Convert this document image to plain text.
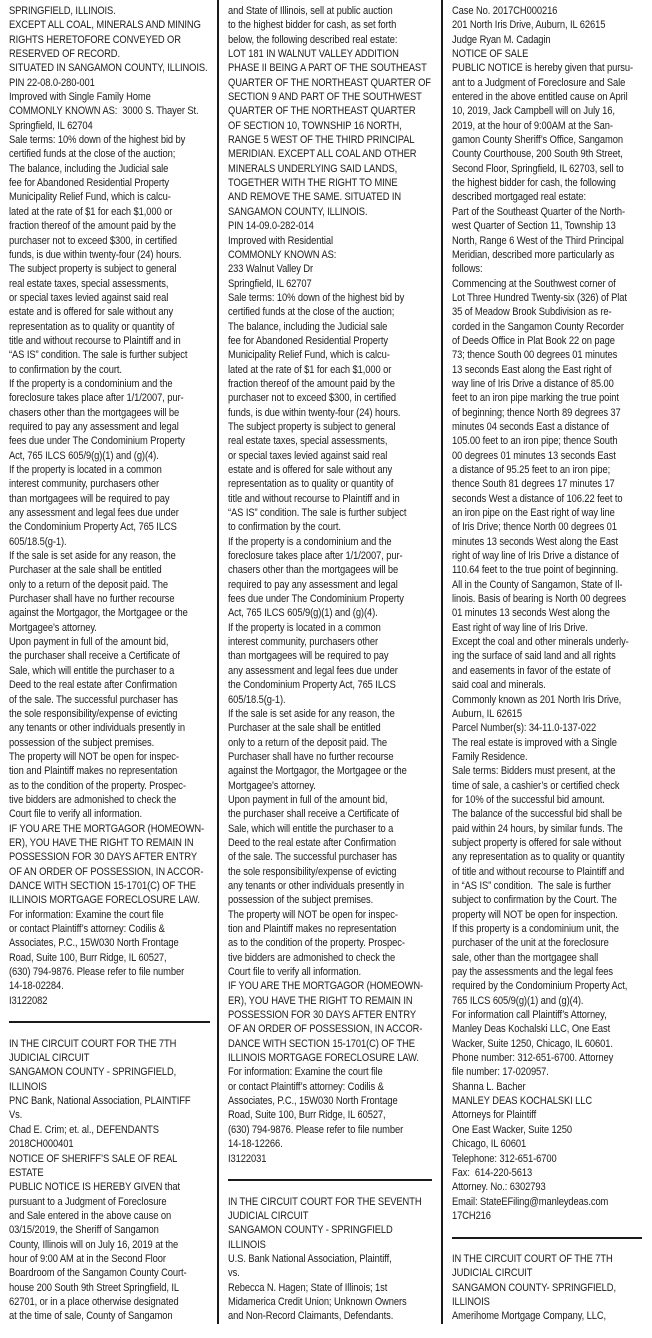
SPRINGFIELD, ILLINOIS.
EXCEPT ALL COAL, MINERALS AND MINING
RIGHTS HERETOFORE CONVEYED OR
RESERVED OF RECORD.
SITUATED IN SANGAMON COUNTY, ILLINOIS.
PIN 22-08.0-280-001
Improved with Single Family Home
COMMONLY KNOWN AS:  3000 S. Thayer St.
Springfield, IL 62704
Sale terms: 10% down of the highest bid by
certified funds at the close of the auction;
The balance, including the Judicial sale
fee for Abandoned Residential Property
Municipality Relief Fund, which is calcu-
lated at the rate of $1 for each $1,000 or
fraction thereof of the amount paid by the
purchaser not to exceed $300, in certified
funds, is due within twenty-four (24) hours.
The subject property is subject to general
real estate taxes, special assessments,
or special taxes levied against said real
estate and is offered for sale without any
representation as to quality or quantity of
title and without recourse to Plaintiff and in
“AS IS” condition. The sale is further subject
to confirmation by the court.
If the property is a condominium and the
foreclosure takes place after 1/1/2007, pur-
chasers other than the mortgagees will be
required to pay any assessment and legal
fees due under The Condominium Property
Act, 765 ILCS 605/9(g)(1) and (g)(4).
If the property is located in a common
interest community, purchasers other
than mortgagees will be required to pay
any assessment and legal fees due under
the Condominium Property Act, 765 ILCS
605/18.5(g-1).
If the sale is set aside for any reason, the
Purchaser at the sale shall be entitled
only to a return of the deposit paid. The
Purchaser shall have no further recourse
against the Mortgagor, the Mortgagee or the
Mortgagee’s attorney.
Upon payment in full of the amount bid,
the purchaser shall receive a Certificate of
Sale, which will entitle the purchaser to a
Deed to the real estate after Confirmation
of the sale. The successful purchaser has
the sole responsibility/expense of evicting
any tenants or other individuals presently in
possession of the subject premises.
The property will NOT be open for inspec-
tion and Plaintiff makes no representation
as to the condition of the property. Prospec-
tive bidders are admonished to check the
Court file to verify all information.
IF YOU ARE THE MORTGAGOR (HOMEOWN-
ER), YOU HAVE THE RIGHT TO REMAIN IN
POSSESSION FOR 30 DAYS AFTER ENTRY
OF AN ORDER OF POSSESSION, IN ACCOR-
DANCE WITH SECTION 15-1701(C) OF THE
ILLINOIS MORTGAGE FORECLOSURE LAW.
For information: Examine the court file
or contact Plaintiff’s attorney: Codilis &
Associates, P.C., 15W030 North Frontage
Road, Suite 100, Burr Ridge, IL 60527,
(630) 794-9876. Please refer to file number
14-18-02284.
I3122082
IN THE CIRCUIT COURT FOR THE 7TH
JUDICIAL CIRCUIT
SANGAMON COUNTY - SPRINGFIELD,
ILLINOIS
PNC Bank, National Association, PLAINTIFF
Vs.
Chad E. Crim; et. al., DEFENDANTS
2018CH000401
NOTICE OF SHERIFF’S SALE OF REAL
ESTATE
PUBLIC NOTICE IS HEREBY GIVEN that
pursuant to a Judgment of Foreclosure
and Sale entered in the above cause on
03/15/2019, the Sheriff of Sangamon
County, Illinois will on July 16, 2019 at the
hour of 9:00 AM at in the Second Floor
Boardroom of the Sangamon County Court-
house 200 South 9th Street Springfield, IL
62701, or in a place otherwise designated
at the time of sale, County of Sangamon
and State of Illinois, sell at public auction
to the highest bidder for cash, as set forth
below, the following described real estate:
LOT 181 IN WALNUT VALLEY ADDITION
PHASE II BEING A PART OF THE SOUTHEAST
QUARTER OF THE NORTHEAST QUARTER OF
SECTION 9 AND PART OF THE SOUTHWEST
QUARTER OF THE NORTHEAST QUARTER
OF SECTION 10, TOWNSHIP 16 NORTH,
RANGE 5 WEST OF THE THIRD PRINCIPAL
MERIDIAN. EXCEPT ALL COAL AND OTHER
MINERALS UNDERLYING SAID LANDS,
TOGETHER WITH THE RIGHT TO MINE
AND REMOVE THE SAME. SITUATED IN
SANGAMON COUNTY, ILLINOIS.
PIN 14-09.0-282-014
Improved with Residential
COMMONLY KNOWN AS:
233 Walnut Valley Dr
Springfield, IL 62707
Sale terms: 10% down of the highest bid by
certified funds at the close of the auction;
The balance, including the Judicial sale
fee for Abandoned Residential Property
Municipality Relief Fund, which is calcu-
lated at the rate of $1 for each $1,000 or
fraction thereof of the amount paid by the
purchaser not to exceed $300, in certified
funds, is due within twenty-four (24) hours.
The subject property is subject to general
real estate taxes, special assessments,
or special taxes levied against said real
estate and is offered for sale without any
representation as to quality or quantity of
title and without recourse to Plaintiff and in
“AS IS” condition. The sale is further subject
to confirmation by the court.
If the property is a condominium and the
foreclosure takes place after 1/1/2007, pur-
chasers other than the mortgagees will be
required to pay any assessment and legal
fees due under The Condominium Property
Act, 765 ILCS 605/9(g)(1) and (g)(4).
If the property is located in a common
interest community, purchasers other
than mortgagees will be required to pay
any assessment and legal fees due under
the Condominium Property Act, 765 ILCS
605/18.5(g-1).
If the sale is set aside for any reason, the
Purchaser at the sale shall be entitled
only to a return of the deposit paid. The
Purchaser shall have no further recourse
against the Mortgagor, the Mortgagee or the
Mortgagee’s attorney.
Upon payment in full of the amount bid,
the purchaser shall receive a Certificate of
Sale, which will entitle the purchaser to a
Deed to the real estate after Confirmation
of the sale. The successful purchaser has
the sole responsibility/expense of evicting
any tenants or other individuals presently in
possession of the subject premises.
The property will NOT be open for inspec-
tion and Plaintiff makes no representation
as to the condition of the property. Prospec-
tive bidders are admonished to check the
Court file to verify all information.
IF YOU ARE THE MORTGAGOR (HOMEOWN-
ER), YOU HAVE THE RIGHT TO REMAIN IN
POSSESSION FOR 30 DAYS AFTER ENTRY
OF AN ORDER OF POSSESSION, IN ACCOR-
DANCE WITH SECTION 15-1701(C) OF THE
ILLINOIS MORTGAGE FORECLOSURE LAW.
For information: Examine the court file
or contact Plaintiff’s attorney: Codilis &
Associates, P.C., 15W030 North Frontage
Road, Suite 100, Burr Ridge, IL 60527,
(630) 794-9876. Please refer to file number
14-18-12266.
I3122031
IN THE CIRCUIT COURT FOR THE SEVENTH
JUDICIAL CIRCUIT
SANGAMON COUNTY - SPRINGFIELD
ILLINOIS
U.S. Bank National Association, Plaintiff,
vs.
Rebecca N. Hagen; State of Illinois; 1st
Midamerica Credit Union; Unknown Owners
and Non-Record Claimants, Defendants.
Case No. 2017CH000216
201 North Iris Drive, Auburn, IL 62615
Judge Ryan M. Cadagin
NOTICE OF SALE
PUBLIC NOTICE is hereby given that pursu-
ant to a Judgment of Foreclosure and Sale
entered in the above entitled cause on April
10, 2019, Jack Campbell will on July 16,
2019, at the hour of 9:00AM at the San-
gamon County Sheriff’s Office, Sangamon
County Courthouse, 200 South 9th Street,
Second Floor, Springfield, IL 62703, sell to
the highest bidder for cash, the following
described mortgaged real estate:
Part of the Southeast Quarter of the North-
west Quarter of Section 11, Township 13
North, Range 6 West of the Third Principal
Meridian, described more particularly as
follows:
Commencing at the Southwest corner of
Lot Three Hundred Twenty-six (326) of Plat
35 of Meadow Brook Subdivision as re-
corded in the Sangamon County Recorder
of Deeds Office in Plat Book 22 on page
73; thence South 00 degrees 01 minutes
13 seconds East along the East right of
way line of Iris Drive a distance of 85.00
feet to an iron pipe marking the true point
of beginning; thence North 89 degrees 37
minutes 04 seconds East a distance of
105.00 feet to an iron pipe; thence South
00 degrees 01 minutes 13 seconds East
a distance of 95.25 feet to an iron pipe;
thence South 81 degrees 17 minutes 17
seconds West a distance of 106.22 feet to
an iron pipe on the East right of way line
of Iris Drive; thence North 00 degrees 01
minutes 13 seconds West along the East
right of way line of Iris Drive a distance of
110.64 feet to the true point of beginning.
All in the County of Sangamon, State of Il-
linois. Basis of bearing is North 00 degrees
01 minutes 13 seconds West along the
East right of way line of Iris Drive.
Except the coal and other minerals underly-
ing the surface of said land and all rights
and easements in favor of the estate of
said coal and minerals.
Commonly known as 201 North Iris Drive,
Auburn, IL 62615
Parcel Number(s): 34-11.0-137-022
The real estate is improved with a Single
Family Residence.
Sale terms: Bidders must present, at the
time of sale, a cashier’s or certified check
for 10% of the successful bid amount.
The balance of the successful bid shall be
paid within 24 hours, by similar funds. The
subject property is offered for sale without
any representation as to quality or quantity
of title and without recourse to Plaintiff and
in “AS IS” condition.  The sale is further
subject to confirmation by the Court. The
property will NOT be open for inspection.
If this property is a condominium unit, the
purchaser of the unit at the foreclosure
sale, other than the mortgagee shall
pay the assessments and the legal fees
required by the Condominium Property Act,
765 ILCS 605/9(g)(1) and (g)(4).
For information call Plaintiff’s Attorney,
Manley Deas Kochalski LLC, One East
Wacker, Suite 1250, Chicago, IL 60601.
Phone number: 312-651-6700. Attorney
file number: 17-020957.
Shanna L. Bacher
MANLEY DEAS KOCHALSKI LLC
Attorneys for Plaintiff
One East Wacker, Suite 1250
Chicago, IL 60601
Telephone: 312-651-6700
Fax:  614-220-5613
Attorney. No.: 6302793
Email: StateEFiling@manleydeas.com
17CH216
IN THE CIRCUIT COURT OF THE 7TH
JUDICIAL CIRCUIT
SANGAMON COUNTY- SPRINGFIELD,
ILLINOIS
Amerihome Mortgage Company, LLC,
